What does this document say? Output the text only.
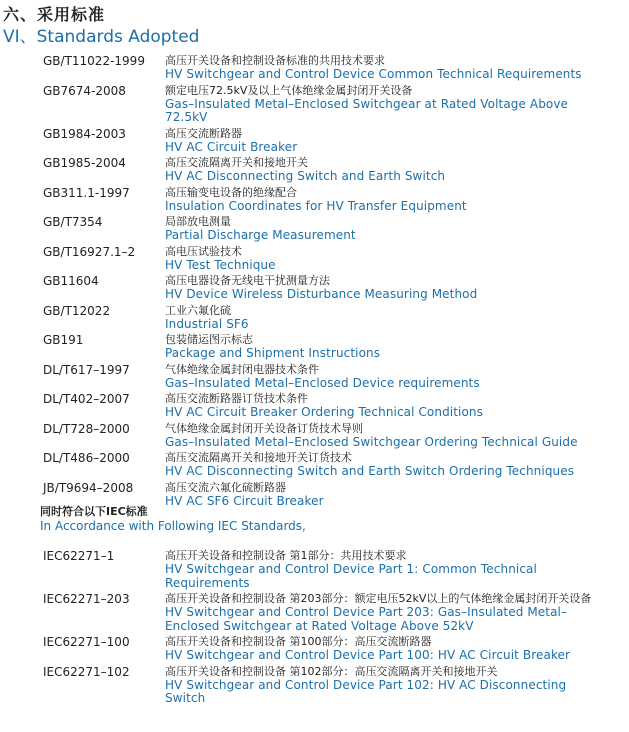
六、采用标准
VI、Standards Adopted
GB/T11022-1999	高压开关设备和控制设备标准的共用技术要求
HV Switchgear and Control Device Common Technical Requirements
GB7674-2008	额定电压72.5kV及以上气体绝缘金属封闭开关设备
Gas–Insulated Metal–Enclosed Switchgear at Rated Voltage Above 72.5kV
GB1984-2003	高压交流断路器
HV AC Circuit Breaker
GB1985-2004	高压交流隔离开关和接地开关
HV AC Disconnecting Switch and Earth Switch
GB311.1-1997	高压输变电设备的绝缘配合
Insulation Coordinates for HV Transfer Equipment
GB/T7354	局部放电测量
Partial Discharge Measurement
GB/T16927.1–2	高电压试验技术
HV Test Technique
GB11604	高压电器设备无线电干扰测量方法
HV Device Wireless Disturbance Measuring Method
GB/T12022	工业六氟化硫
Industrial SF6
GB191	包装储运图示标志
Package and Shipment Instructions
DL/T617–1997	气体绝缘金属封闭电器技术条件
Gas–Insulated Metal–Enclosed Device requirements
DL/T402–2007	高压交流断路器订货技术条件
HV AC Circuit Breaker Ordering Technical Conditions
DL/T728–2000	气体绝缘金属封闭开关设备订货技术导则
Gas–Insulated Metal–Enclosed Switchgear Ordering Technical Guide
DL/T486–2000	高压交流隔离开关和接地开关订货技术
HV AC Disconnecting Switch and Earth Switch Ordering Techniques
JB/T9694–2008	高压交流六氟化硫断路器
HV AC SF6 Circuit Breaker
同时符合以下IEC标准
In Accordance with Following IEC Standards,
IEC62271–1	高压开关设备和控制设备 第1部分：共用技术要求
HV Switchgear and Control Device Part 1: Common Technical Requirements
IEC62271–203	高压开关设备和控制设备 第203部分：额定电压52kV以上的气体绝缘金属封闭开关设备
HV Switchgear and Control Device Part 203: Gas–Insulated Metal–Enclosed Switchgear at Rated Voltage Above 52kV
IEC62271–100	高压开关设备和控制设备 第100部分：高压交流断路器
HV Switchgear and Control Device Part 100: HV AC Circuit Breaker
IEC62271–102	高压开关设备和控制设备 第102部分：高压交流隔离开关和接地开关
HV Switchgear and Control Device Part 102: HV AC Disconnecting Switch
